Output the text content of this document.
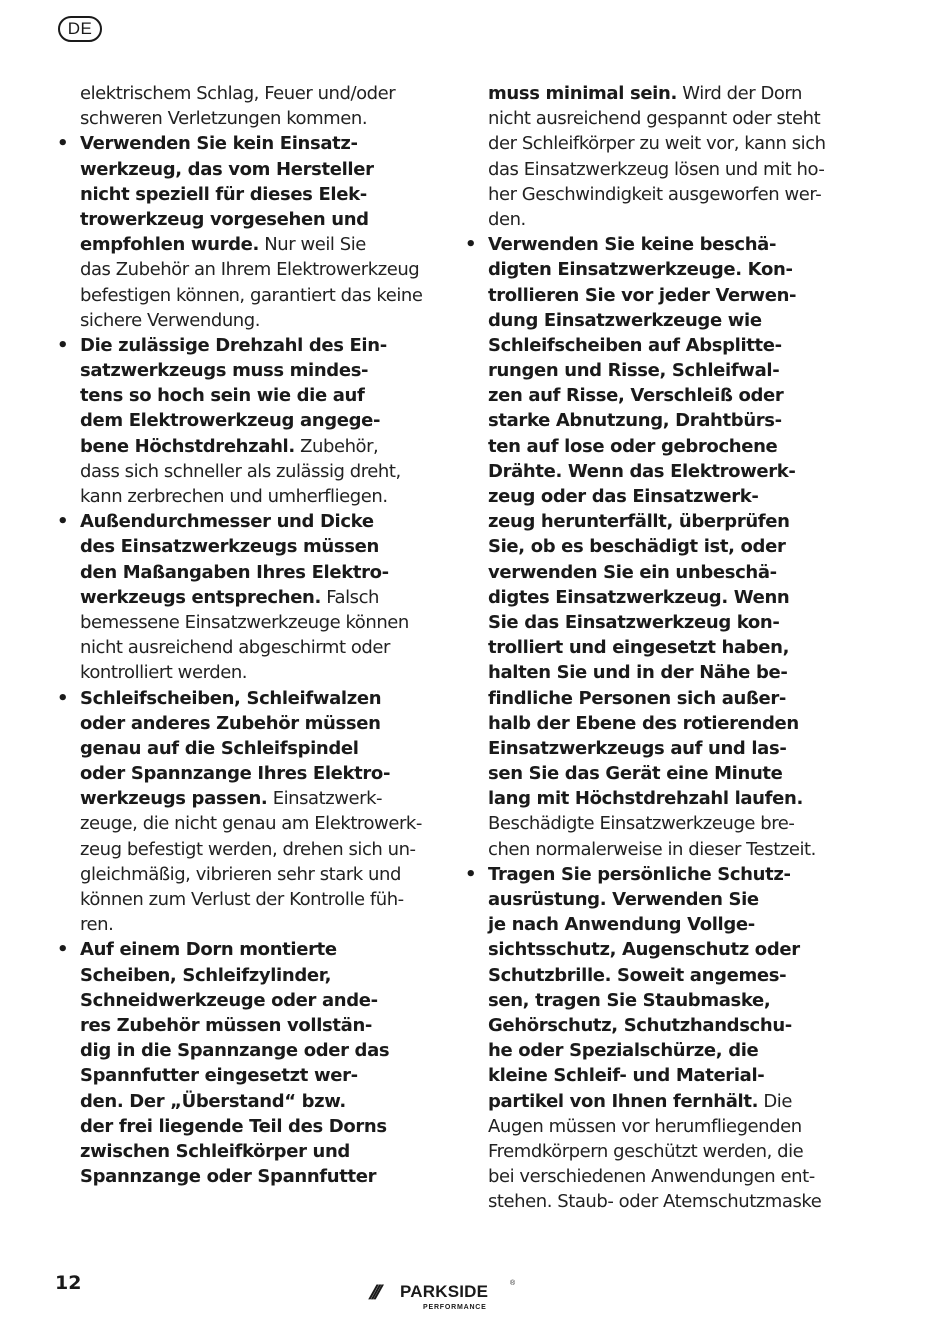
DE
elektrischem Schlag, Feuer und/oder
schweren Verletzungen kommen.
• Verwenden Sie kein Einsatz-
werkzeug, das vom Hersteller
nicht speziell für dieses Elek-
trowerkzeug vorgesehen und
empfohlen wurde. Nur weil Sie
das Zubehör an Ihrem Elektrowerkzeug
befestigen können, garantiert das keine
sichere Verwendung.
• Die zulässige Drehzahl des Ein-
satzwerkzeugs muss mindes-
tens so hoch sein wie die auf
dem Elektrowerkzeug angege-
bene Höchstdrehzahl. Zubehör,
dass sich schneller als zulässig dreht,
kann zerbrechen und umherfliegen.
• Außendurchmesser und Dicke
des Einsatzwerkzeugs müssen
den Maßangaben Ihres Elektro-
werkzeugs entsprechen. Falsch
bemessene Einsatzwerkzeuge können
nicht ausreichend abgeschirmt oder
kontrolliert werden.
• Schleifscheiben, Schleifwalzen
oder anderes Zubehör müssen
genau auf die Schleifspindel
oder Spannzange Ihres Elektro-
werkzeugs passen. Einsatzwerk-
zeuge, die nicht genau am Elektrowerk-
zeug befestigt werden, drehen sich un-
gleichmäßig, vibrieren sehr stark und
können zum Verlust der Kontrolle füh-
ren.
• Auf einem Dorn montierte
Scheiben, Schleifzylinder,
Schneidwerkzeuge oder ande-
res Zubehör müssen vollstän-
dig in die Spannzange oder das
Spannfutter eingesetzt wer-
den. Der „Überstand“ bzw.
der frei liegende Teil des Dorns
zwischen Schleifkörper und
Spannzange oder Spannfutter
muss minimal sein. Wird der Dorn
nicht ausreichend gespannt oder steht
der Schleifkörper zu weit vor, kann sich
das Einsatzwerkzeug lösen und mit ho-
her Geschwindigkeit ausgeworfen wer-
den.
• Verwenden Sie keine beschä-
digten Einsatzwerkzeuge. Kon-
trollieren Sie vor jeder Verwen-
dung Einsatzwerkzeuge wie
Schleifscheiben auf Absplitte-
rungen und Risse, Schleifwal-
zen auf Risse, Verschleiß oder
starke Abnutzung, Drahtbürs-
ten auf lose oder gebrochene
Drähte. Wenn das Elektrowerk-
zeug oder das Einsatzwerk-
zeug herunterfällt, überprüfen
Sie, ob es beschädigt ist, oder
verwenden Sie ein unbeschä-
digtes Einsatzwerkzeug. Wenn
Sie das Einsatzwerkzeug kon-
trolliert und eingesetzt haben,
halten Sie und in der Nähe be-
findliche Personen sich außer-
halb der Ebene des rotierenden
Einsatzwerkzeugs auf und las-
sen Sie das Gerät eine Minute
lang mit Höchstdrehzahl laufen.
Beschädigte Einsatzwerkzeuge bre-
chen normalerweise in dieser Testzeit.
• Tragen Sie persönliche Schutz-
ausrüstung. Verwenden Sie
je nach Anwendung Vollge-
sichtsschutz, Augenschutz oder
Schutzbrille. Soweit angemes-
sen, tragen Sie Staubmaske,
Gehörschutz, Schutzhandschu-
he oder Spezialschürze, die
kleine Schleif- und Material-
partikel von Ihnen fernhält. Die
Augen müssen vor herumfliegenden
Fremdkörpern geschützt werden, die
bei verschiedenen Anwendungen ent-
stehen. Staub- oder Atemschutzmaske
12	/// PARKSIDE	®
PERFORMANCE
